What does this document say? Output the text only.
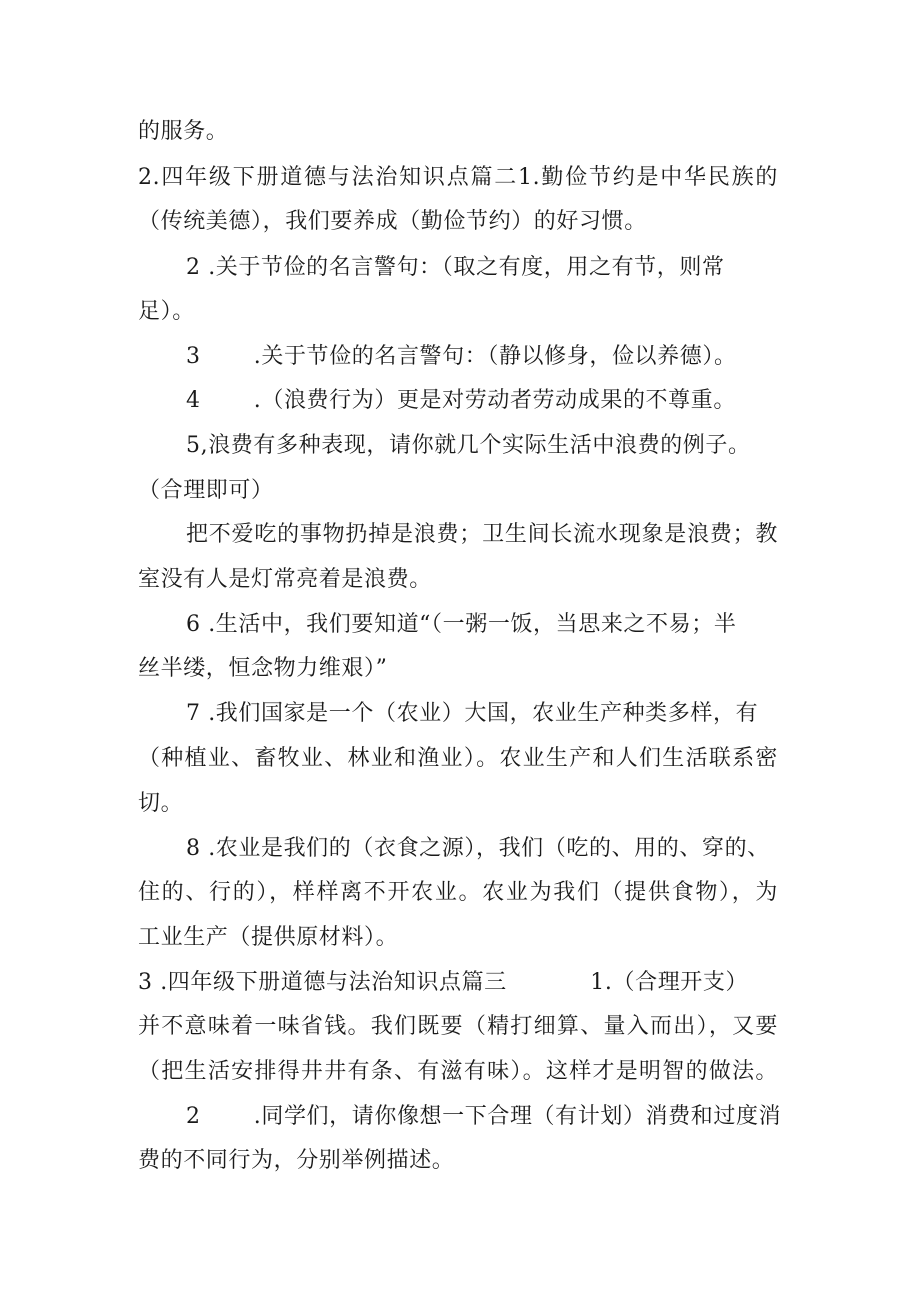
的服务。
2.四年级下册道德与法治知识点篇二1.勤俭节约是中华民族的
（传统美德），我们要养成（勤俭节约）的好习惯。
2 .关于节俭的名言警句：（取之有度，用之有节，则常
足）。
3       .关于节俭的名言警句：（静以修身，俭以养德）。
4       .（浪费行为）更是对劳动者劳动成果的不尊重。
5,浪费有多种表现，请你就几个实际生活中浪费的例子。
（合理即可）
把不爱吃的事物扔掉是浪费；卫生间长流水现象是浪费；教
室没有人是灯常亮着是浪费。
6 .生活中，我们要知道“（一粥一饭，当思来之不易；半
丝半缕，恒念物力维艰）”
7 .我们国家是一个（农业）大国，农业生产种类多样，有
（种植业、畜牧业、林业和渔业）。农业生产和人们生活联系密
切。
8 .农业是我们的（衣食之源），我们（吃的、用的、穿的、
住的、行的），样样离不开农业。农业为我们（提供食物），为
工业生产（提供原材料）。
3 .四年级下册道德与法治知识点篇三           1.（合理开支）
并不意味着一味省钱。我们既要（精打细算、量入而出），又要
（把生活安排得井井有条、有滋有味）。这样才是明智的做法。
2       .同学们，请你像想一下合理（有计划）消费和过度消
费的不同行为，分别举例描述。
